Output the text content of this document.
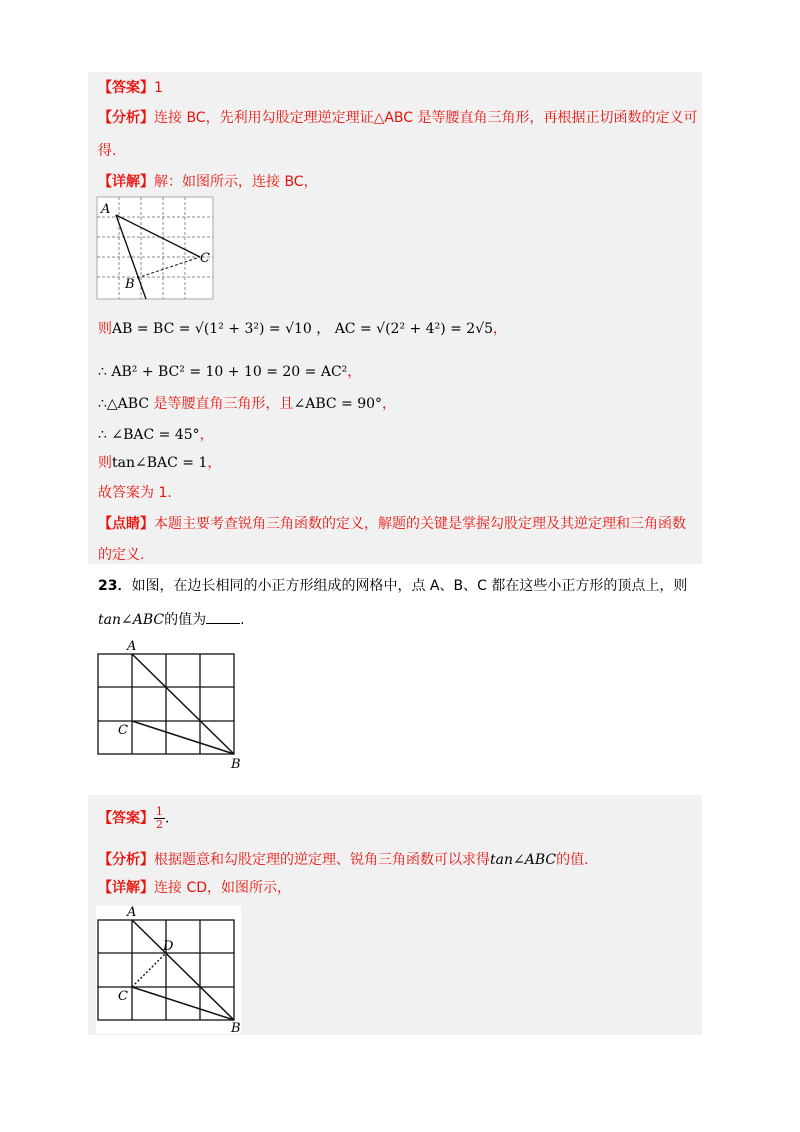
【答案】1
【分析】连接 BC，先利用勾股定理逆定理证△ABC 是等腰直角三角形，再根据正切函数的定义可
得.
【详解】解：如图所示，连接 BC，
A
B
C
则AB = BC = √(1² + 3²) = √10 ， AC = √(2² + 4²) = 2√5，
∴ AB² + BC² = 10 + 10 = 20 = AC²，
∴△ABC 是等腰直角三角形，且∠ABC = 90°，
∴ ∠BAC = 45°，
则tan∠BAC = 1，
故答案为 1.
【点睛】本题主要考查锐角三角函数的定义，解题的关键是掌握勾股定理及其逆定理和三角函数
的定义.
23．如图，在边长相同的小正方形组成的网格中，点 A、B、C 都在这些小正方形的顶点上，则
tan∠ABC的值为 .
A
B
C
【答案】 $\frac{1}{2}$ .
【分析】根据题意和勾股定理的逆定理、锐角三角函数可以求得tan∠ABC的值.
【详解】连接 CD，如图所示，
A
B
C
D
